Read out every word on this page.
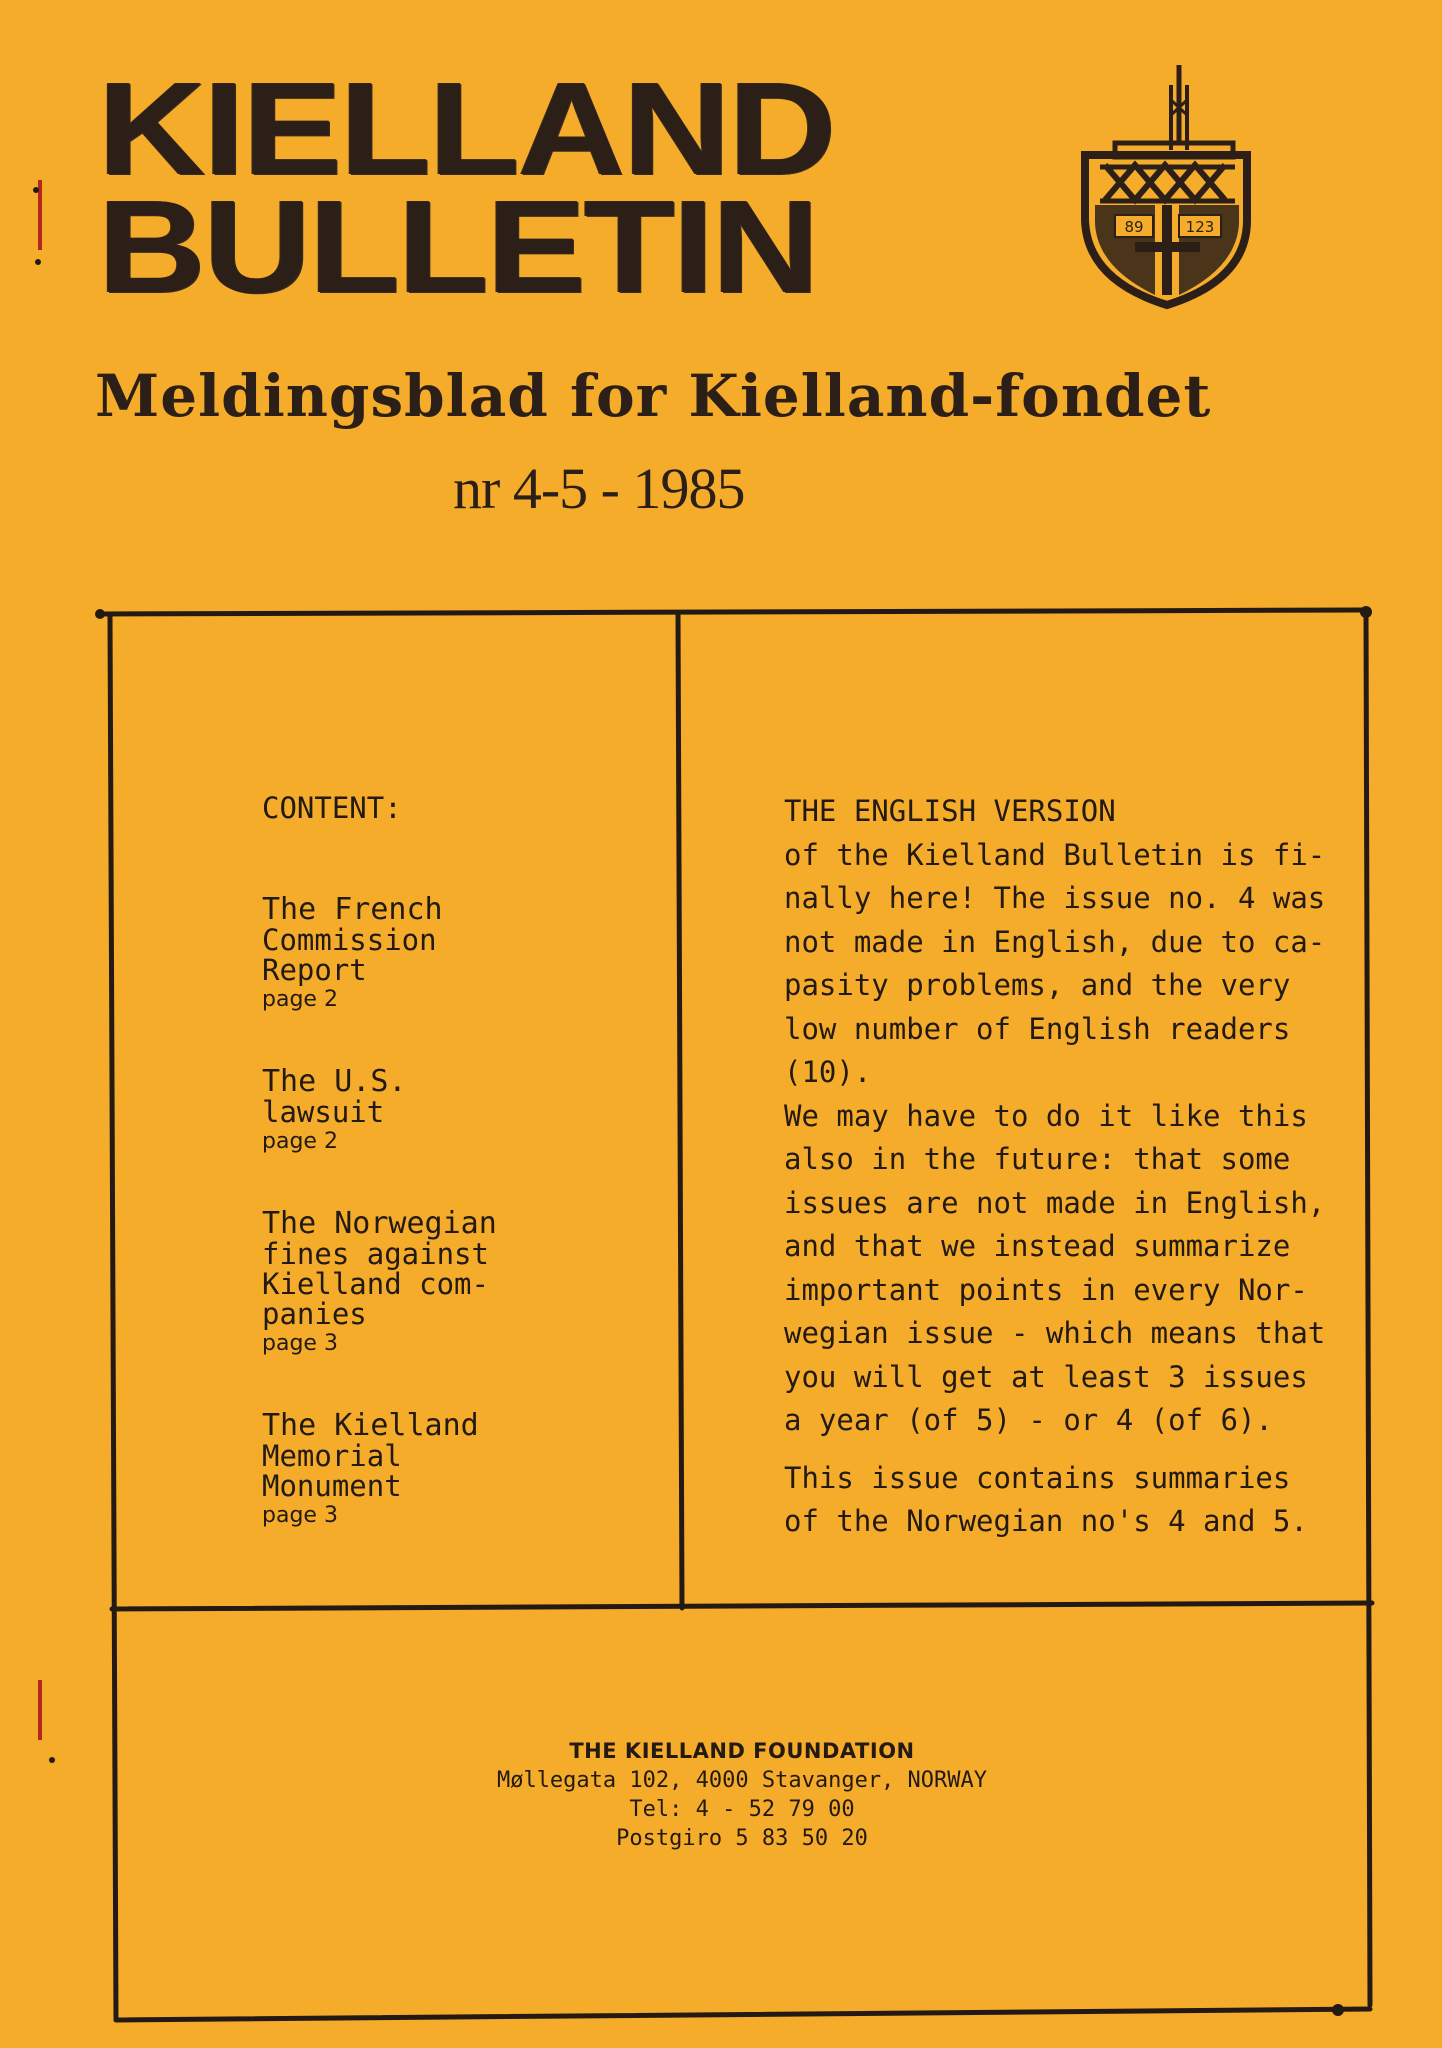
KIELLAND
BULLETIN	89	123
Meldingsblad for Kielland-fondet
nr 4-5 - 1985
CONTENT:
The French
Commission
Report
page 2
The U.S.
lawsuit
page 2
The Norwegian
fines against
Kielland com-
panies
page 3
The Kielland
Memorial
Monument
page 3
THE ENGLISH VERSION
of the Kielland Bulletin is fi-
nally here! The issue no. 4 was
not made in English, due to ca-
pasity problems, and the very
low number of English readers
(10).
We may have to do it like this
also in the future: that some
issues are not made in English,
and that we instead summarize
important points in every Nor-
wegian issue - which means that
you will get at least 3 issues
a year (of 5) - or 4 (of 6).
This issue contains summaries
of the Norwegian no's 4 and 5.
THE KIELLAND FOUNDATION
Møllegata 102, 4000 Stavanger, NORWAY
Tel: 4 - 52 79 00
Postgiro 5 83 50 20
